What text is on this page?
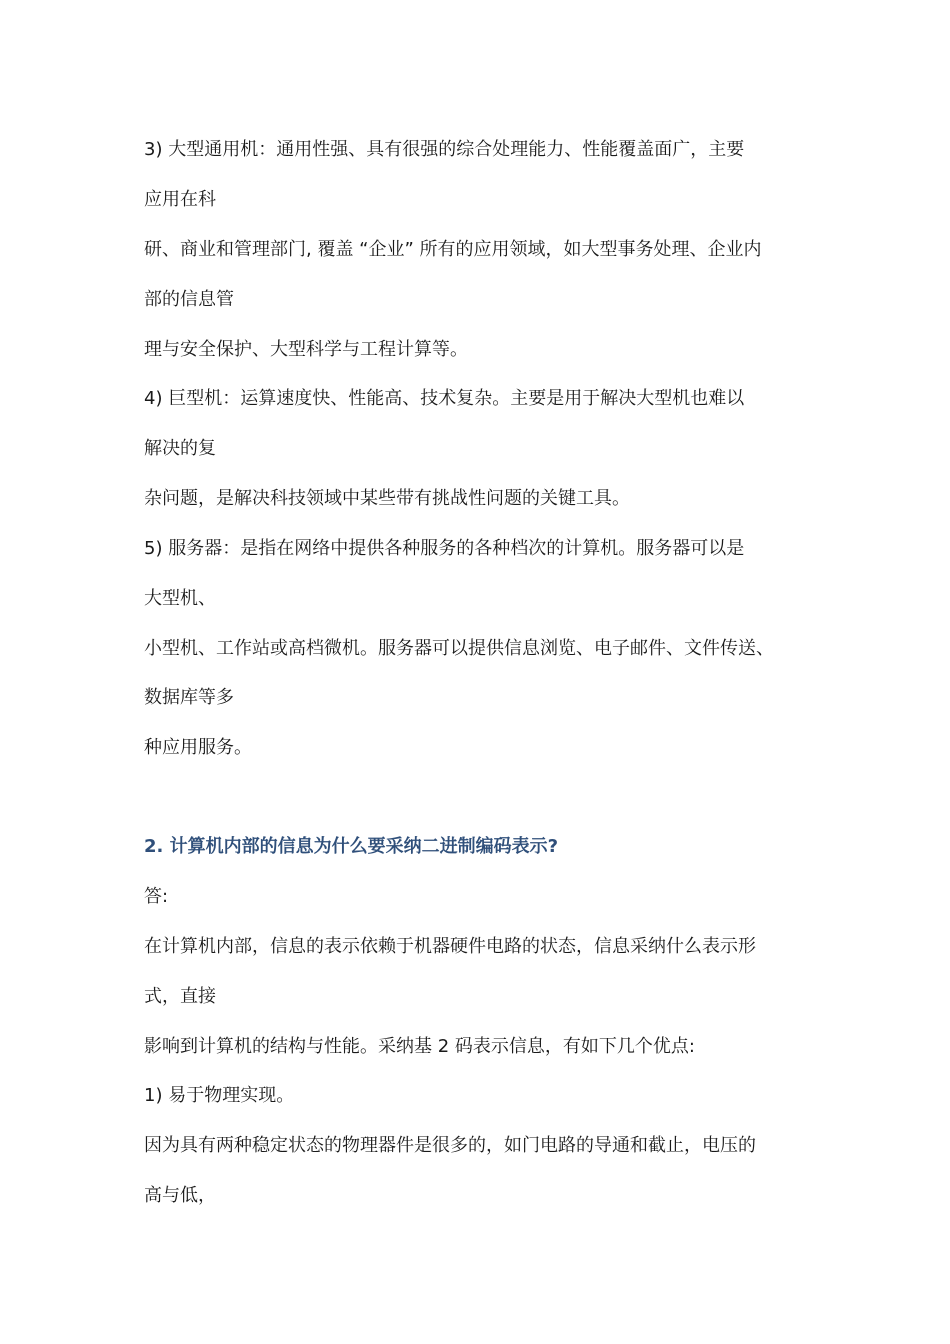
3) 大型通用机：通用性强、具有很强的综合处理能力、性能覆盖面广，主要
应用在科
研、商业和管理部门, 覆盖 “企业” 所有的应用领域，如大型事务处理、企业内
部的信息管
理与安全保护、大型科学与工程计算等。
4) 巨型机：运算速度快、性能高、技术复杂。主要是用于解决大型机也难以
解决的复
杂问题，是解决科技领域中某些带有挑战性问题的关键工具。
5) 服务器：是指在网络中提供各种服务的各种档次的计算机。服务器可以是
大型机、
小型机、工作站或高档微机。服务器可以提供信息浏览、电子邮件、文件传送、
数据库等多
种应用服务。
2. 计算机内部的信息为什么要采纳二进制编码表示?
答:
在计算机内部，信息的表示依赖于机器硬件电路的状态，信息采纳什么表示形
式，直接
影响到计算机的结构与性能。采纳基 2 码表示信息，有如下几个优点:
1) 易于物理实现。
因为具有两种稳定状态的物理器件是很多的，如门电路的导通和截止，电压的
高与低，
